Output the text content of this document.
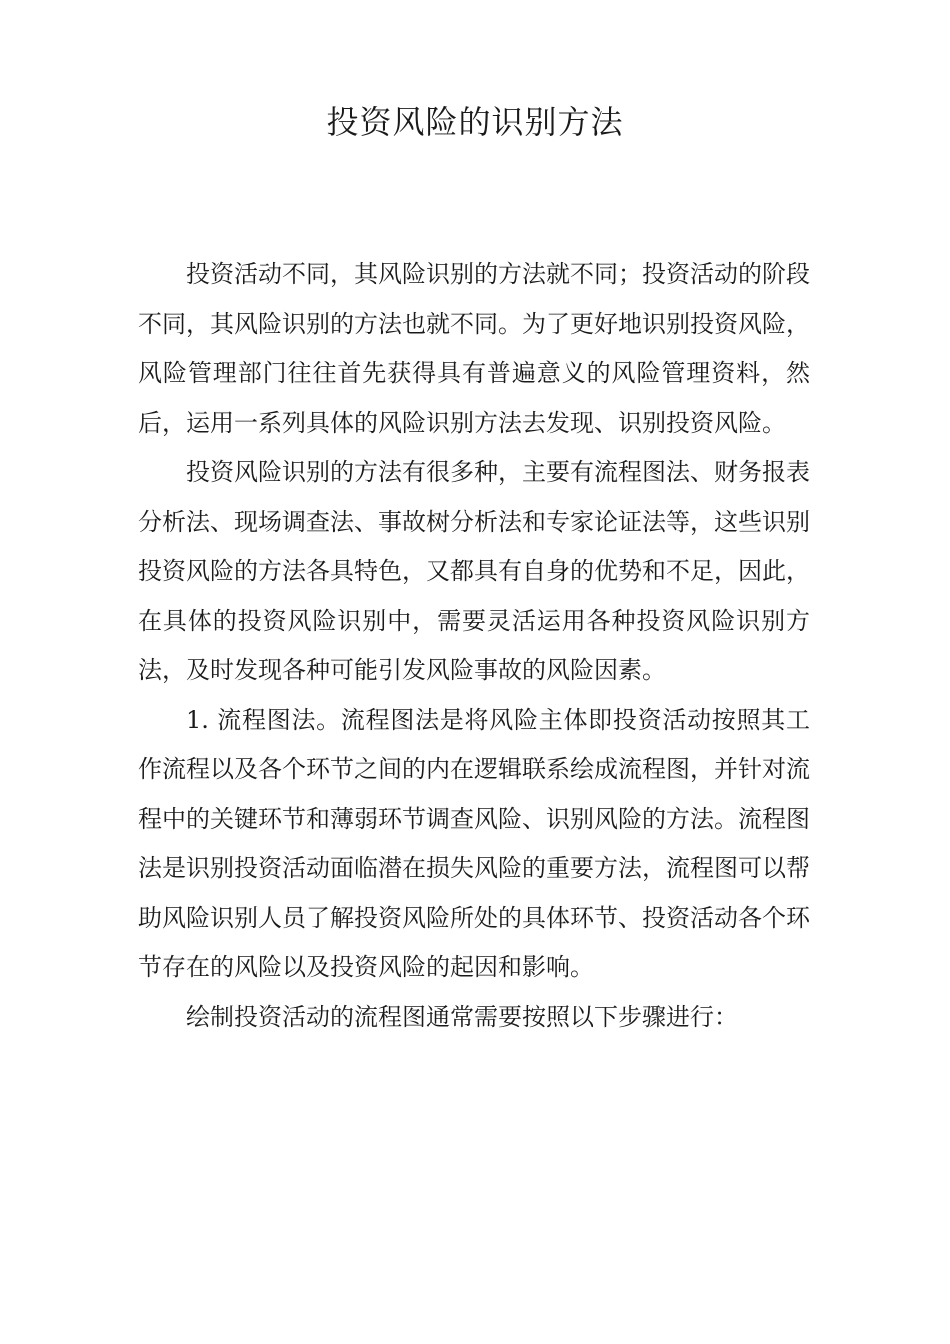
投资风险的识别方法

投资活动不同，其风险识别的方法就不同；投资活动的阶段不同，其风险识别的方法也就不同。为了更好地识别投资风险，风险管理部门往往首先获得具有普遍意义的风险管理资料，然后，运用一系列具体的风险识别方法去发现、识别投资风险。

投资风险识别的方法有很多种，主要有流程图法、财务报表分析法、现场调查法、事故树分析法和专家论证法等，这些识别投资风险的方法各具特色，又都具有自身的优势和不足，因此，在具体的投资风险识别中，需要灵活运用各种投资风险识别方法，及时发现各种可能引发风险事故的风险因素。

1. 流程图法。流程图法是将风险主体即投资活动按照其工作流程以及各个环节之间的内在逻辑联系绘成流程图，并针对流程中的关键环节和薄弱环节调查风险、识别风险的方法。流程图法是识别投资活动面临潜在损失风险的重要方法，流程图可以帮助风险识别人员了解投资风险所处的具体环节、投资活动各个环节存在的风险以及投资风险的起因和影响。

绘制投资活动的流程图通常需要按照以下步骤进行：
